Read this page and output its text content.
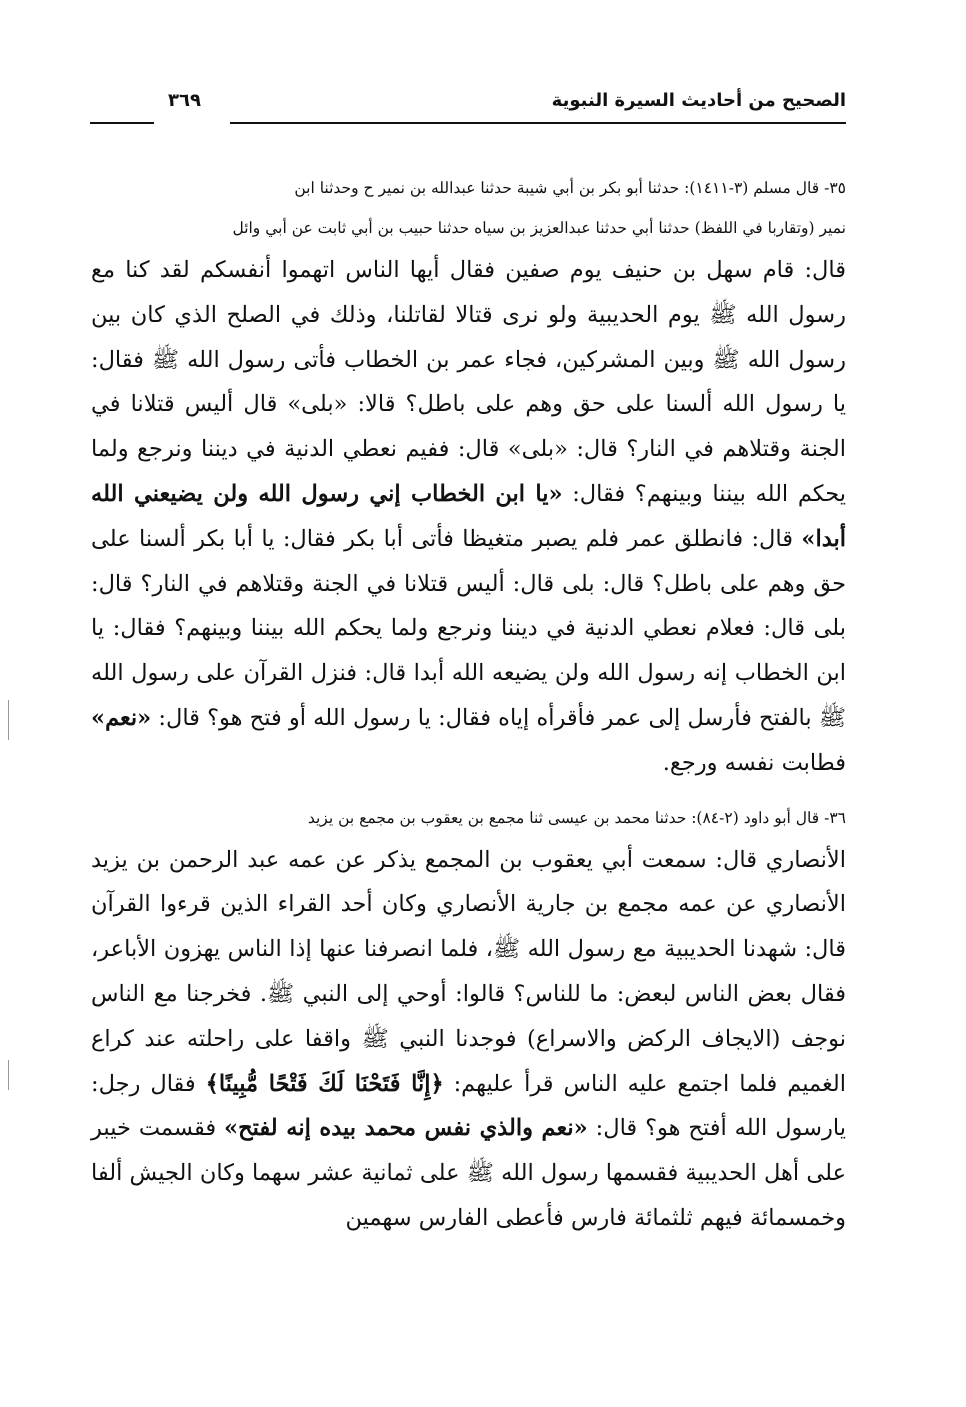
الصحيح من أحاديث السيرة النبوية
٣٦٩

٣٥- قال مسلم (٣-١٤١١): حدثنا أبو بكر بن أبي شيبة حدثنا عبدالله بن نمير ح وحدثنا ابن

نمير (وتقاربا في اللفظ) حدثنا أبي حدثنا عبدالعزيز بن سياه حدثنا حبيب بن أبي ثابت عن أبي وائل

قال: قام سهل بن حنيف يوم صفين فقال أيها الناس اتهموا أنفسكم لقد كنا مع رسول الله ﷺ يوم الحديبية ولو نرى قتالا لقاتلنا، وذلك في الصلح الذي كان بين رسول الله ﷺ وبين المشركين، فجاء عمر بن الخطاب فأتى رسول الله ﷺ فقال: يا رسول الله ألسنا على حق وهم على باطل؟ قالا: «بلى» قال أليس قتلانا في الجنة وقتلاهم في النار؟ قال: «بلى» قال: ففيم نعطي الدنية في ديننا ونرجع ولما يحكم الله بيننا وبينهم؟ فقال: «يا ابن الخطاب إني رسول الله ولن يضيعني الله أبدا» قال: فانطلق عمر فلم يصبر متغيظا فأتى أبا بكر فقال: يا أبا بكر ألسنا على حق وهم على باطل؟ قال: بلى قال: أليس قتلانا في الجنة وقتلاهم في النار؟ قال: بلى قال: فعلام نعطي الدنية في ديننا ونرجع ولما يحكم الله بيننا وبينهم؟ فقال: يا ابن الخطاب إنه رسول الله ولن يضيعه الله أبدا قال: فنزل القرآن على رسول الله ﷺ بالفتح فأرسل إلى عمر فأقرأه إياه فقال: يا رسول الله أو فتح هو؟ قال: «نعم» فطابت نفسه ورجع.

٣٦- قال أبو داود (٢-٨٤): حدثنا محمد بن عيسى ثنا مجمع بن يعقوب بن مجمع بن يزيد

الأنصاري قال: سمعت أبي يعقوب بن المجمع يذكر عن عمه عبد الرحمن بن يزيد الأنصاري عن عمه مجمع بن جارية الأنصاري وكان أحد القراء الذين قرءوا القرآن قال: شهدنا الحديبية مع رسول الله ﷺ، فلما انصرفنا عنها إذا الناس يهزون الأباعر، فقال بعض الناس لبعض: ما للناس؟ قالوا: أوحي إلى النبي ﷺ. فخرجنا مع الناس نوجف (الايجاف الركض والاسراع) فوجدنا النبي ﷺ واقفا على راحلته عند كراع الغميم فلما اجتمع عليه الناس قرأ عليهم: ﴿إِنَّا فَتَحْنَا لَكَ فَتْحًا مُّبِينًا﴾ فقال رجل: يارسول الله أفتح هو؟ قال: «نعم والذي نفس محمد بيده إنه لفتح» فقسمت خيبر على أهل الحديبية فقسمها رسول الله ﷺ على ثمانية عشر سهما وكان الجيش ألفا وخمسمائة فيهم ثلثمائة فارس فأعطى الفارس سهمين
